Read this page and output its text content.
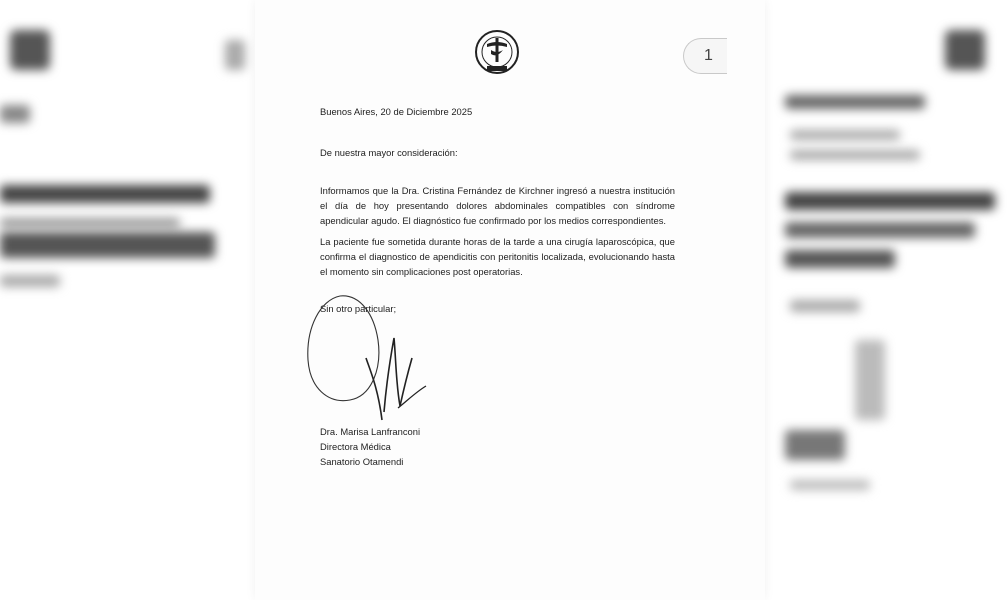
1
Buenos Aires, 20 de Diciembre 2025
De nuestra mayor consideración:
Informamos que la Dra. Cristina Fernández de Kirchner ingresó a nuestra institución el día de hoy presentando dolores abdominales compatibles con síndrome apendicular agudo. El diagnóstico fue confirmado por los medios correspondientes.
La paciente fue sometida durante horas de la tarde a una cirugía laparoscópica, que confirma el diagnostico de apendicitis con peritonitis localizada, evolucionando hasta el momento sin complicaciones post operatorias.
Sin otro particular;
Dra. Marisa Lanfranconi
Directora Médica
Sanatorio Otamendi
